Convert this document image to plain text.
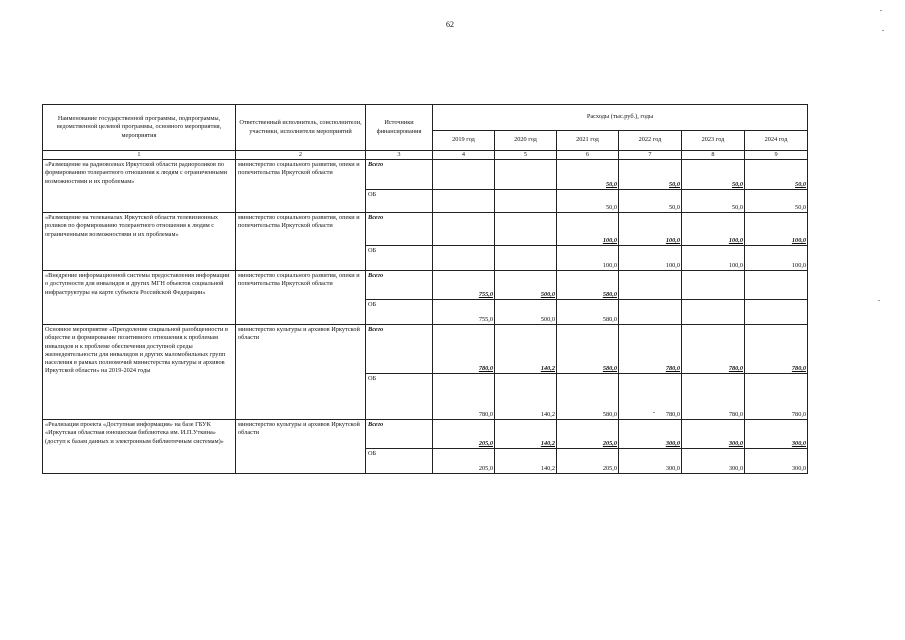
62
Наименование государственной программы, подпрограммы, ведомственной целевой программы, основного мероприятия, мероприятия	Ответственный исполнитель, соисполнители, участники, исполнители мероприятий	Источники финансирования	Расходы (тыс.руб.), годы					
			2019 год	2020 год	2021 год	2022 год	2023 год	2024 год
1	2	3	4	5	6	7	8	9
«Размещение на радиоволнах Иркутской области радиороликов по формированию толерантного отношения к людям с ограниченными возможностями и их проблемам»	министерство социального развития, опеки и попечительства Иркутской области	Всего			50,0	50,0	50,0	50,0
		ОБ			50,0	50,0	50,0	50,0
«Размещение на телеканалах Иркутской области телевизионных роликов по формированию толерантного отношения к людям с ограниченными возможностями и их проблемам»	министерство социального развития, опеки и попечительства Иркутской области	Всего			100,0	100,0	100,0	100,0
		ОБ			100,0	100,0	100,0	100,0
«Внедрение информационной системы предоставления информации о доступности для инвалидов и других МГН объектов социальной инфраструктуры на карте субъекта Российской Федерации»	министерство социального развития, опеки и попечительства Иркутской области	Всего	755,0	500,0	580,0			
		ОБ	755,0	500,0	580,0			
Основное мероприятие «Преодоление социальной разобщенности в обществе и формирование позитивного отношения к проблемам инвалидов и к проблеме обеспечения доступной среды жизнедеятельности для инвалидов и других маломобильных групп населения в рамках полномочий министерства культуры и архивов Иркутской области» на 2019-2024 годы	министерство культуры и архивов Иркутской области	Всего	780,0	140,2	580,0	780,0	780,0	780,0
		ОБ	780,0	140,2	580,0	780,0	780,0	780,0
«Реализация проекта «Доступная информация» на базе ГБУК «Иркутская областная юношеская библиотека им. И.П.Уткина» (доступ к базам данных и электронным библиотечным системам)»	министерство культуры и архивов Иркутской области	Всего	205,0	140,2	205,0	300,0	300,0	300,0
		ОБ	205,0	140,2	205,0	300,0	300,0	300,0
